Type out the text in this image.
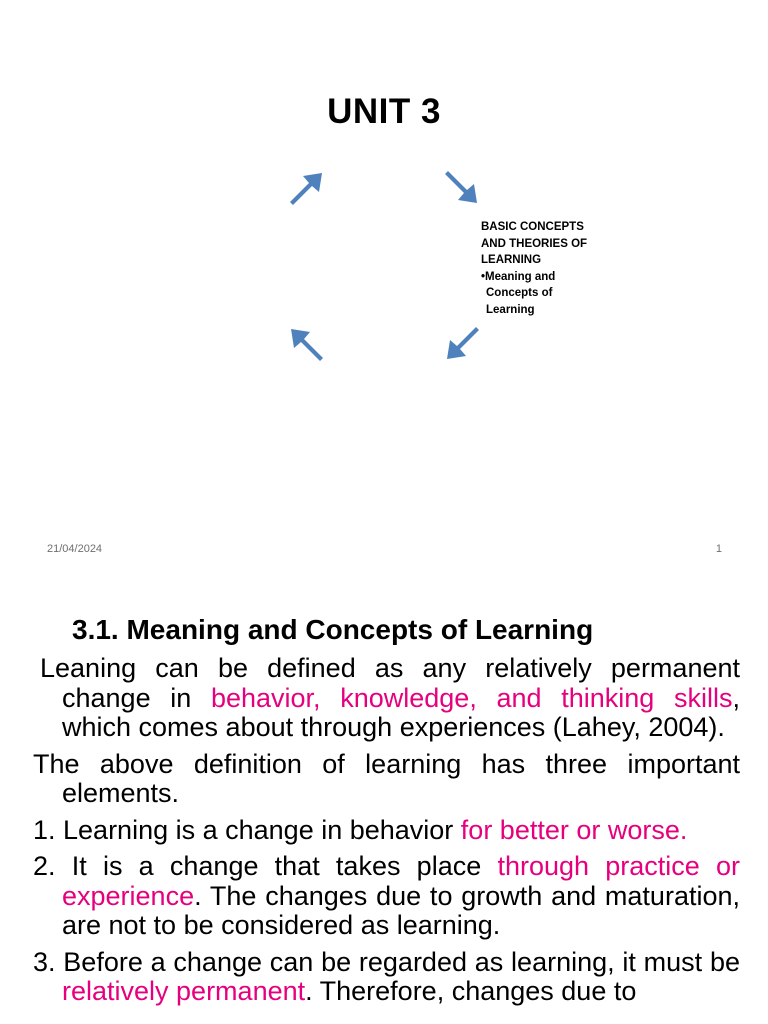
UNIT 3
BASIC CONCEPTS
AND THEORIES OF
LEARNING
•Meaning and
Concepts of
Learning
21/04/2024	1
3.1. Meaning and Concepts of Learning

Leaning can be defined as any relatively permanent change in behavior, knowledge, and thinking skills, which comes about through experiences (Lahey, 2004).

The above definition of learning has three important elements.

1. Learning is a change in behavior for better or worse.

2. It is a change that takes place through practice or experience. The changes due to growth and maturation, are not to be considered as learning.

3. Before a change can be regarded as learning, it must be relatively permanent. Therefore, changes due to
